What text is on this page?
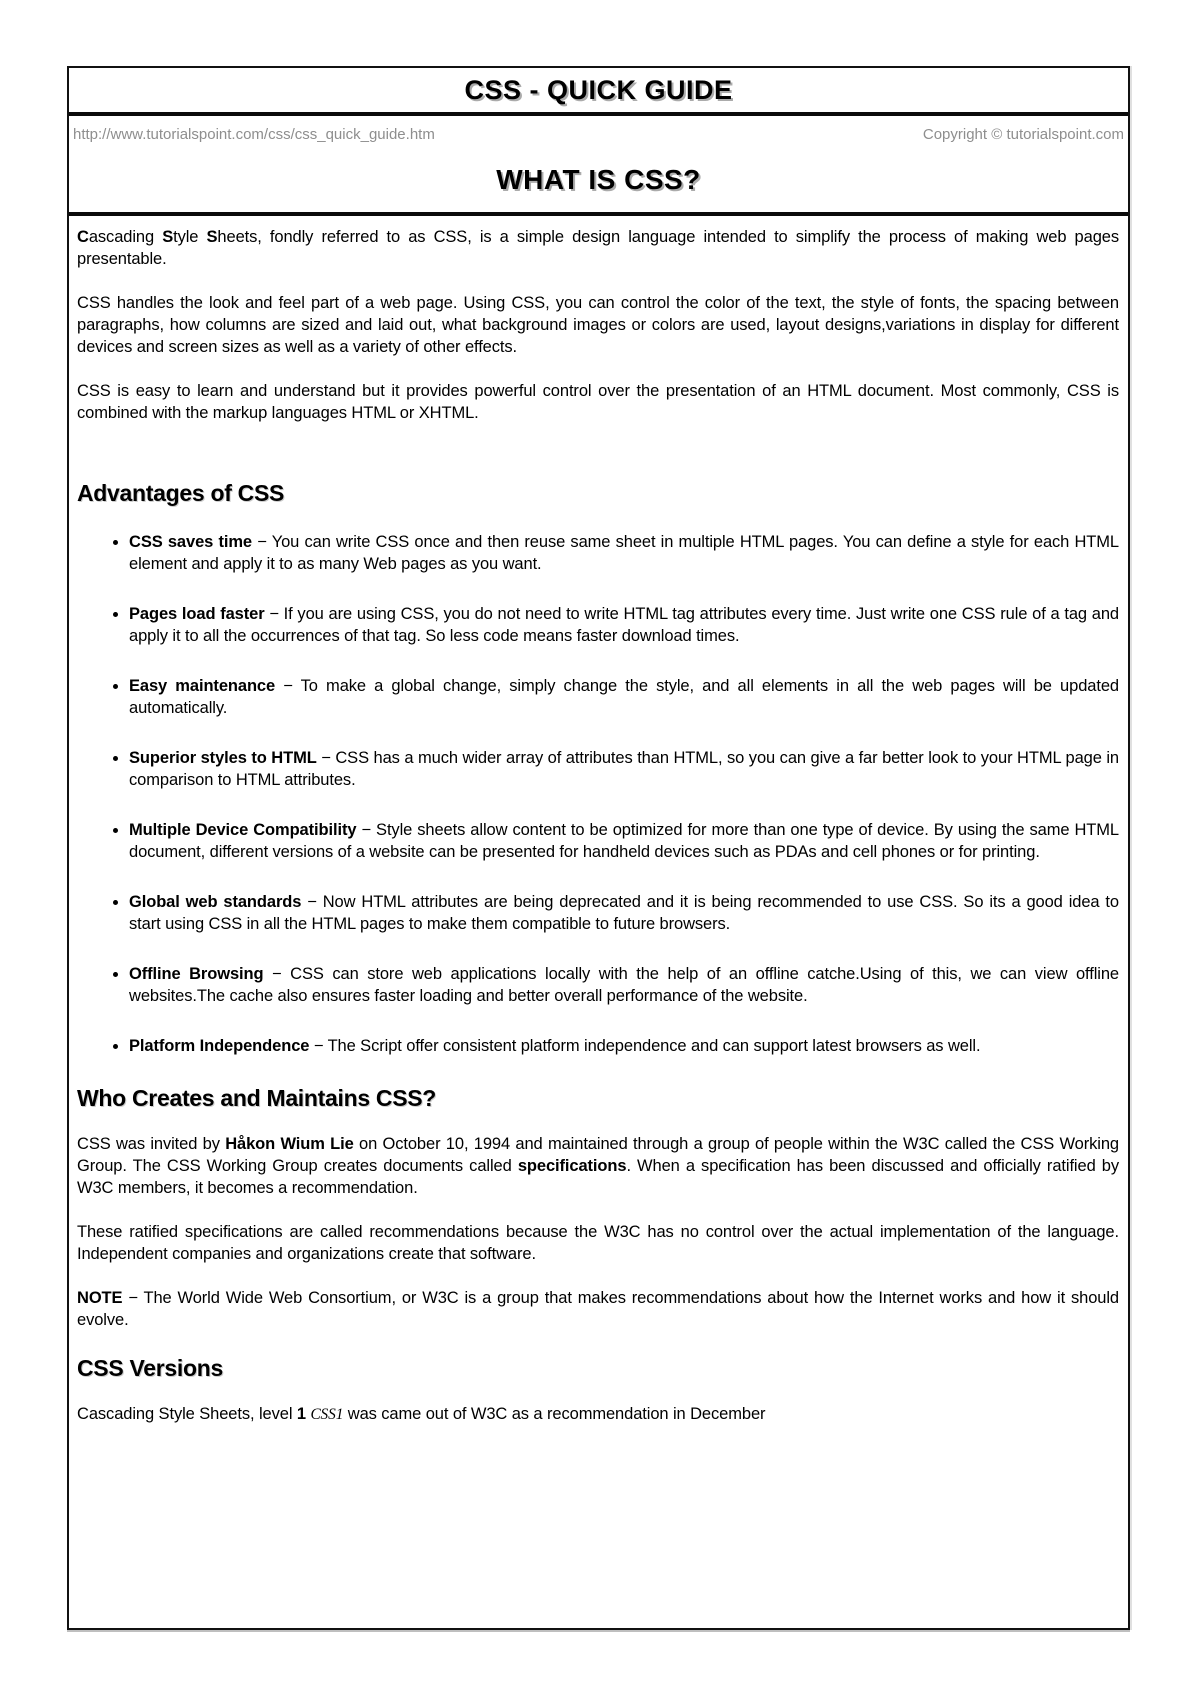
CSS - QUICK GUIDE
http://www.tutorialspoint.com/css/css_quick_guide.htm	Copyright © tutorialspoint.com
WHAT IS CSS?

Cascading Style Sheets, fondly referred to as CSS, is a simple design language intended to simplify the process of making web pages presentable.

CSS handles the look and feel part of a web page. Using CSS, you can control the color of the text, the style of fonts, the spacing between paragraphs, how columns are sized and laid out, what background images or colors are used, layout designs,variations in display for different devices and screen sizes as well as a variety of other effects.

CSS is easy to learn and understand but it provides powerful control over the presentation of an HTML document. Most commonly, CSS is combined with the markup languages HTML or XHTML.

Advantages of CSS
• CSS saves time − You can write CSS once and then reuse same sheet in multiple HTML pages. You can define a style for each HTML element and apply it to as many Web pages as you want.
• Pages load faster − If you are using CSS, you do not need to write HTML tag attributes every time. Just write one CSS rule of a tag and apply it to all the occurrences of that tag. So less code means faster download times.
• Easy maintenance − To make a global change, simply change the style, and all elements in all the web pages will be updated automatically.
• Superior styles to HTML − CSS has a much wider array of attributes than HTML, so you can give a far better look to your HTML page in comparison to HTML attributes.
• Multiple Device Compatibility − Style sheets allow content to be optimized for more than one type of device. By using the same HTML document, different versions of a website can be presented for handheld devices such as PDAs and cell phones or for printing.
• Global web standards − Now HTML attributes are being deprecated and it is being recommended to use CSS. So its a good idea to start using CSS in all the HTML pages to make them compatible to future browsers.
• Offline Browsing − CSS can store web applications locally with the help of an offline catche.Using of this, we can view offline websites.The cache also ensures faster loading and better overall performance of the website.
• Platform Independence − The Script offer consistent platform independence and can support latest browsers as well.
Who Creates and Maintains CSS?

CSS was invited by Håkon Wium Lie on October 10, 1994 and maintained through a group of people within the W3C called the CSS Working Group. The CSS Working Group creates documents called specifications. When a specification has been discussed and officially ratified by W3C members, it becomes a recommendation.

These ratified specifications are called recommendations because the W3C has no control over the actual implementation of the language. Independent companies and organizations create that software.

NOTE − The World Wide Web Consortium, or W3C is a group that makes recommendations about how the Internet works and how it should evolve.

CSS Versions

Cascading Style Sheets, level 1 CSS1 was came out of W3C as a recommendation in December
